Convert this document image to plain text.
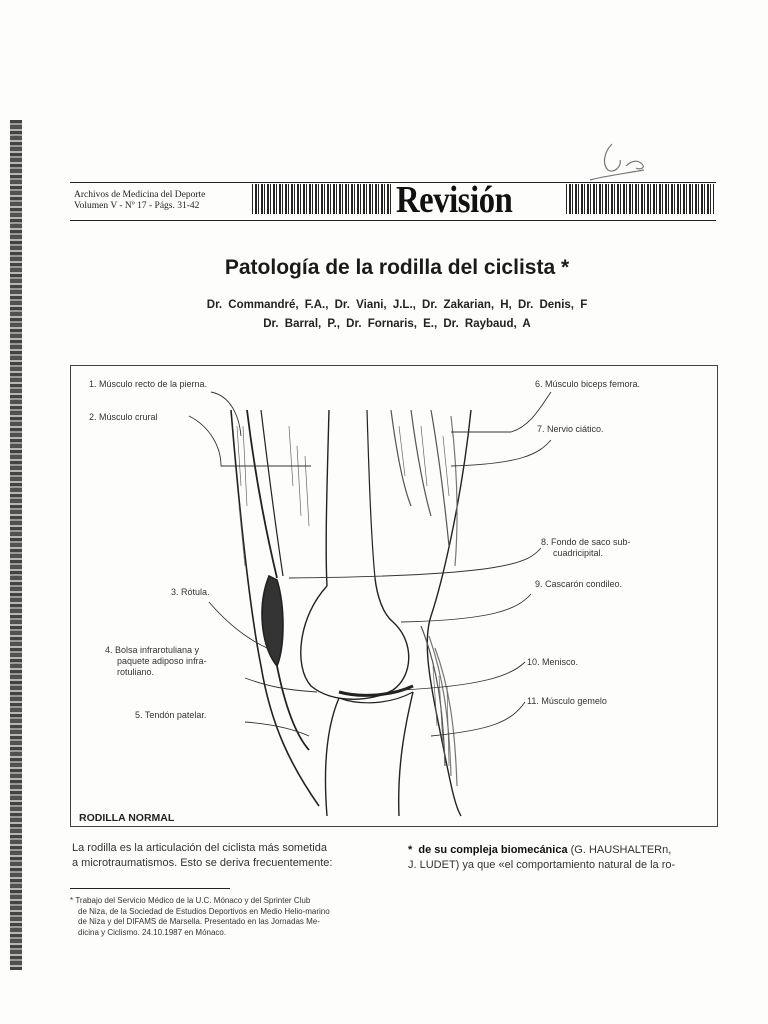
Archivos de Medicina del Deporte
Volumen V - Nº 17 - Págs. 31-42	Revisión
Patología de la rodilla del ciclista *
Dr. Commandré, F.A., Dr. Viani, J.L., Dr. Zakarian, H, Dr. Denis, F
Dr. Barral, P., Dr. Fornaris, E., Dr. Raybaud, A
1. Músculo recto de la pierna.
2. Músculo crural
3. Rótula.
4. Bolsa infrarotuliana y
paquete adiposo infra-
rotuliano.
5. Tendón patelar.
6. Músculo biceps femora.
7. Nervio ciático.
8. Fondo de saco sub-
cuadricipital.
9. Cascarón condileo.
10. Menisco.
11. Músculo gemelo
RODILLA NORMAL
La rodilla es la articulación del ciclista más sometida
a microtraumatismos. Esto se deriva frecuentemente:
*  de su compleja biomecánica (G. HAUSHALTERn,
J. LUDET) ya que «el comportamiento natural de la ro-
* Trabajo del Servicio Médico de la U.C. Mónaco y del Sprinter Club
de Niza, de la Sociedad de Estudios Deportivos en Medio Helio-marino
de Niza y del DIFAMS de Marsella. Presentado en las Jornadas Me-
dicina y Ciclismo. 24.10.1987 en Mónaco.
